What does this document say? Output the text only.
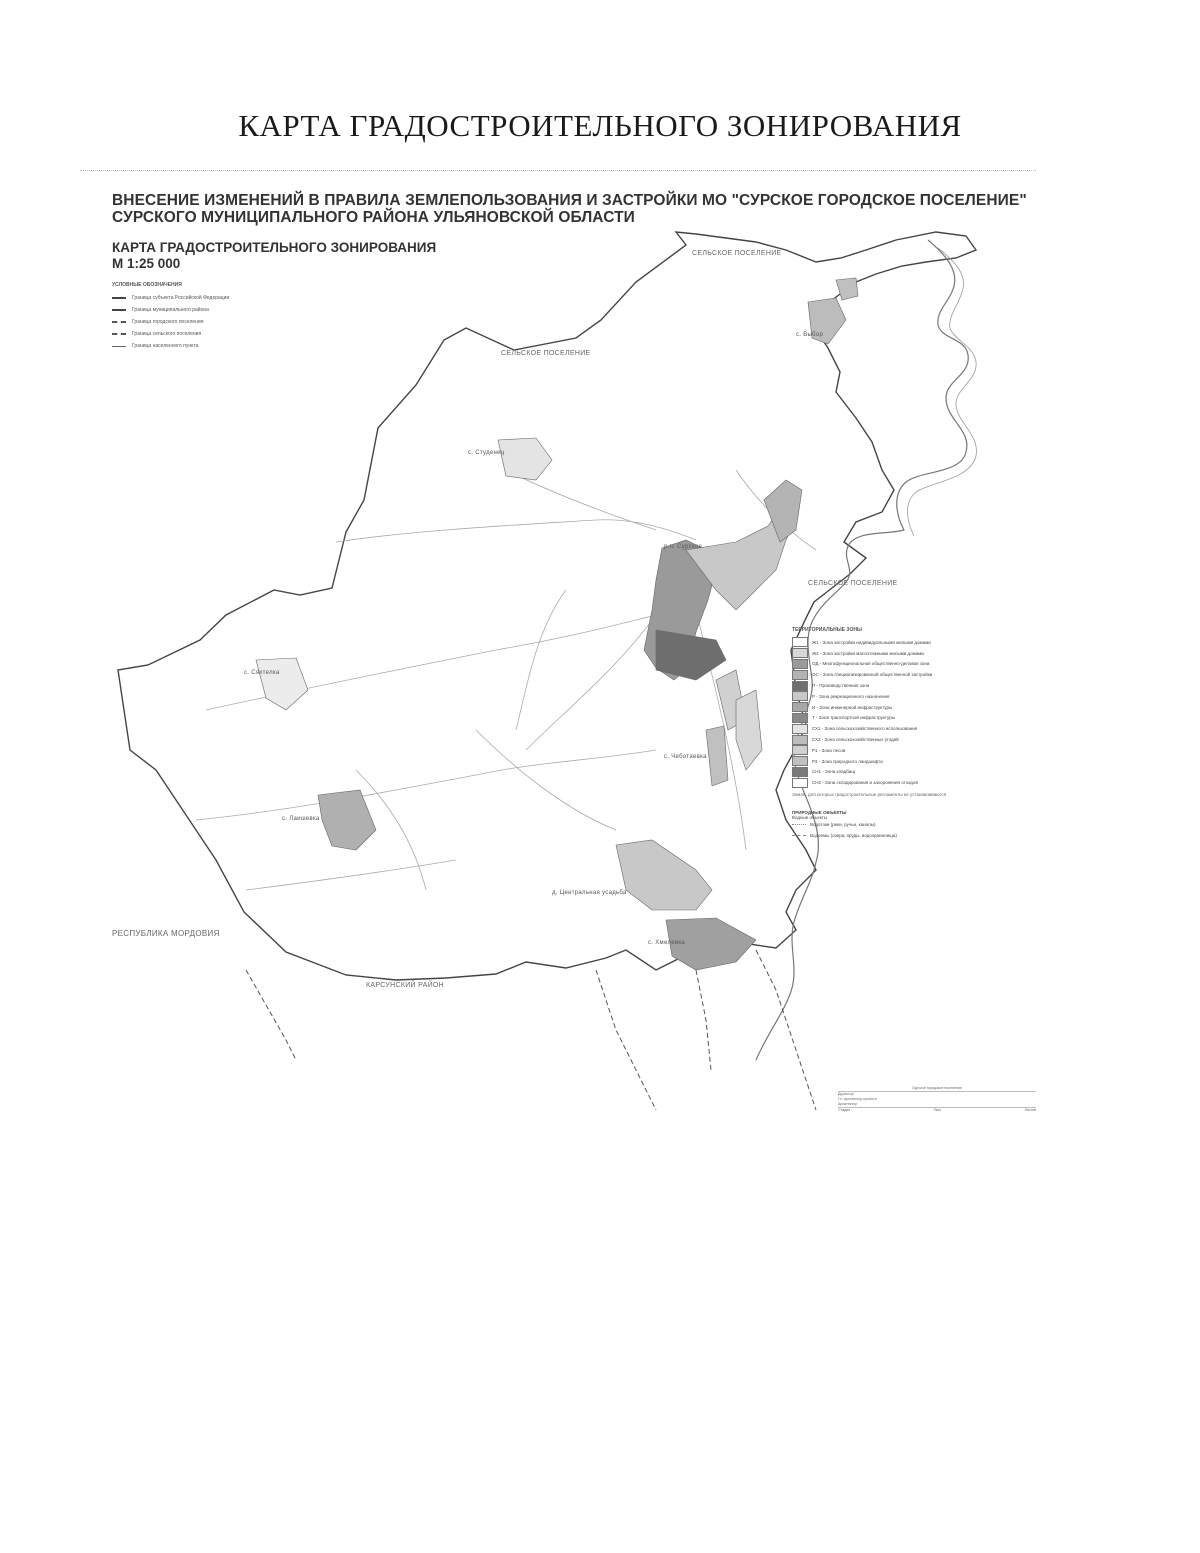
КАРТА ГРАДОСТРОИТЕЛЬНОГО ЗОНИРОВАНИЯ
ВНЕСЕНИЕ ИЗМЕНЕНИЙ В ПРАВИЛА ЗЕМЛЕПОЛЬЗОВАНИЯ И ЗАСТРОЙКИ МО "СУРСКОЕ ГОРОДСКОЕ ПОСЕЛЕНИЕ"
СУРСКОГО МУНИЦИПАЛЬНОГО РАЙОНА УЛЬЯНОВСКОЙ ОБЛАСТИ
КАРТА ГРАДОСТРОИТЕЛЬНОГО ЗОНИРОВАНИЯ
М 1:25 000
УСЛОВНЫЕ ОБОЗНАЧЕНИЯ
Граница субъекта Российской Федерации
Граница муниципального района
Граница городского поселения
Граница сельского поселения
Граница населенного пункта
СЕЛЬСКОЕ ПОСЕЛЕНИЕ
СЕЛЬСКОЕ ПОСЕЛЕНИЕ
СЕЛЬСКОЕ ПОСЕЛЕНИЕ
РЕСПУБЛИКА МОРДОВИЯ
КАРСУНСКИЙ РАЙОН
р.п. Сурское
с. Выбор
с. Студенец
с. Сяхтелка
с. Чеботаевка
с. Лаишевка
д. Центральная усадьба
с. Хмелевка
ТЕРРИТОРИАЛЬНЫЕ ЗОНЫ
Ж1 - Зона застройки индивидуальными жилыми домами
Ж4 - Зона застройки малоэтажными жилыми домами
ОД - Многофункциональная общественно-деловая зона
ОС - Зона специализированной общественной застройки
П - Производственная зона
Р - Зона рекреационного назначения
И - Зона инженерной инфраструктуры
Т - Зона транспортной инфраструктуры
СХ1 - Зона сельскохозяйственного использования
СХ3 - Зона сельскохозяйственных угодий
Р1 - Зона лесов
Р2 - Зона природного ландшафта
СН1 - Зона кладбищ
СН2 - Зона складирования и захоронения отходов
Земли, для которых градостроительные регламенты не устанавливаются
ПРИРОДНЫЕ ОБЪЕКТЫ
Водные объекты
Водотоки (реки, ручьи, каналы)
Водоемы (озера, пруды, водохранилища)
Сурское городское поселение
Директор
Гл. архитектор проекта
Архитектор
Стадия	Лист	Листов
